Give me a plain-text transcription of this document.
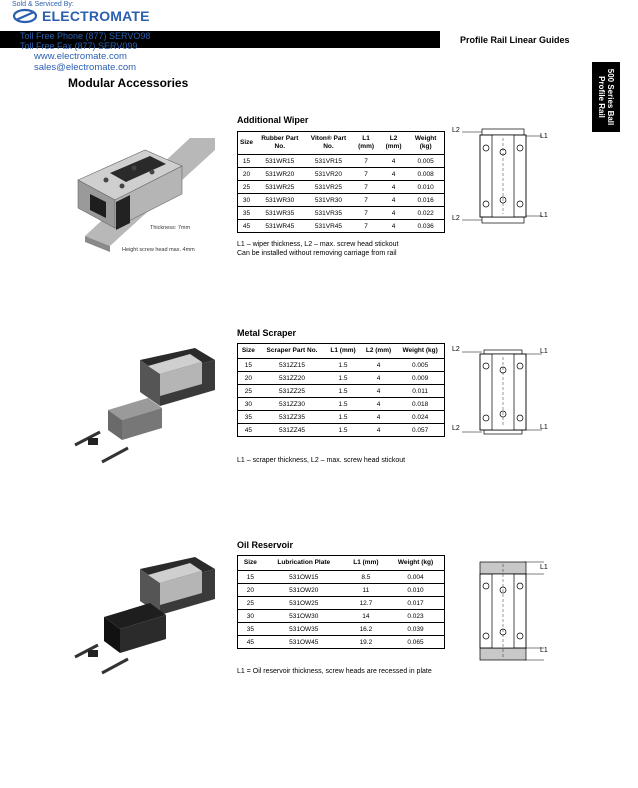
Sold & Serviced By:
ELECTROMATE
Toll Free Phone (877) SERVO98
Toll Free Fax (877) SERV099
www.electromate.com
sales@electromate.com
Profile Rail Linear Guides
500 Series Ball
Profile Rail
Modular Accessories
Thickness: 7mm
Height screw head max. 4mm
Additional Wiper
Size	Rubber Part No.	Viton® Part No.	L1 (mm)	L2 (mm)	Weight (kg)
15	531WR15	531VR15	7	4	0.005
20	531WR20	531VR20	7	4	0.008
25	531WR25	531VR25	7	4	0.010
30	531WR30	531VR30	7	4	0.016
35	531WR35	531VR35	7	4	0.022
45	531WR45	531VR45	7	4	0.036
L1 – wiper thickness, L2 – max. screw head stickout
Can be installed without removing carriage from rail
L2
L1
L2	L1
Metal Scraper
Size	Scraper Part No.	L1 (mm)	L2 (mm)	Weight (kg)
15	531ZZ15	1.5	4	0.005
20	531ZZ20	1.5	4	0.009
25	531ZZ25	1.5	4	0.011
30	531ZZ30	1.5	4	0.018
35	531ZZ35	1.5	4	0.024
45	531ZZ45	1.5	4	0.057
L1 – scraper thickness, L2 – max. screw head stickout
L2	L1
L2	L1
Oil Reservoir
Size	Lubrication Plate	L1 (mm)	Weight (kg)
15	531OW15	8.5	0.004
20	531OW20	11	0.010
25	531OW25	12.7	0.017
30	531OW30	14	0.023
35	531OW35	16.2	0.039
45	531OW45	19.2	0.065
L1 = Oil reservoir thickness, screw heads are recessed in plate
L1
L1
